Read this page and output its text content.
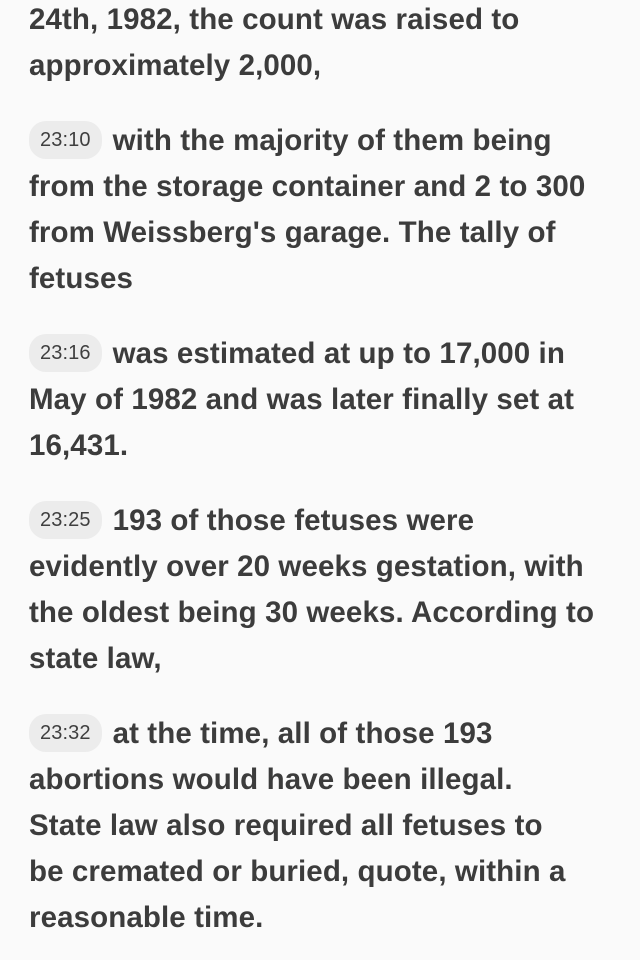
24th, 1982, the count was raised to approximately 2,000,

23:10 with the majority of them being from the storage container and 2 to 300 from Weissberg's garage. The tally of fetuses

23:16 was estimated at up to 17,000 in May of 1982 and was later finally set at 16,431.

23:25 193 of those fetuses were evidently over 20 weeks gestation, with the oldest being 30 weeks. According to state law,

23:32 at the time, all of those 193 abortions would have been illegal. State law also required all fetuses to be cremated or buried, quote, within a reasonable time.
